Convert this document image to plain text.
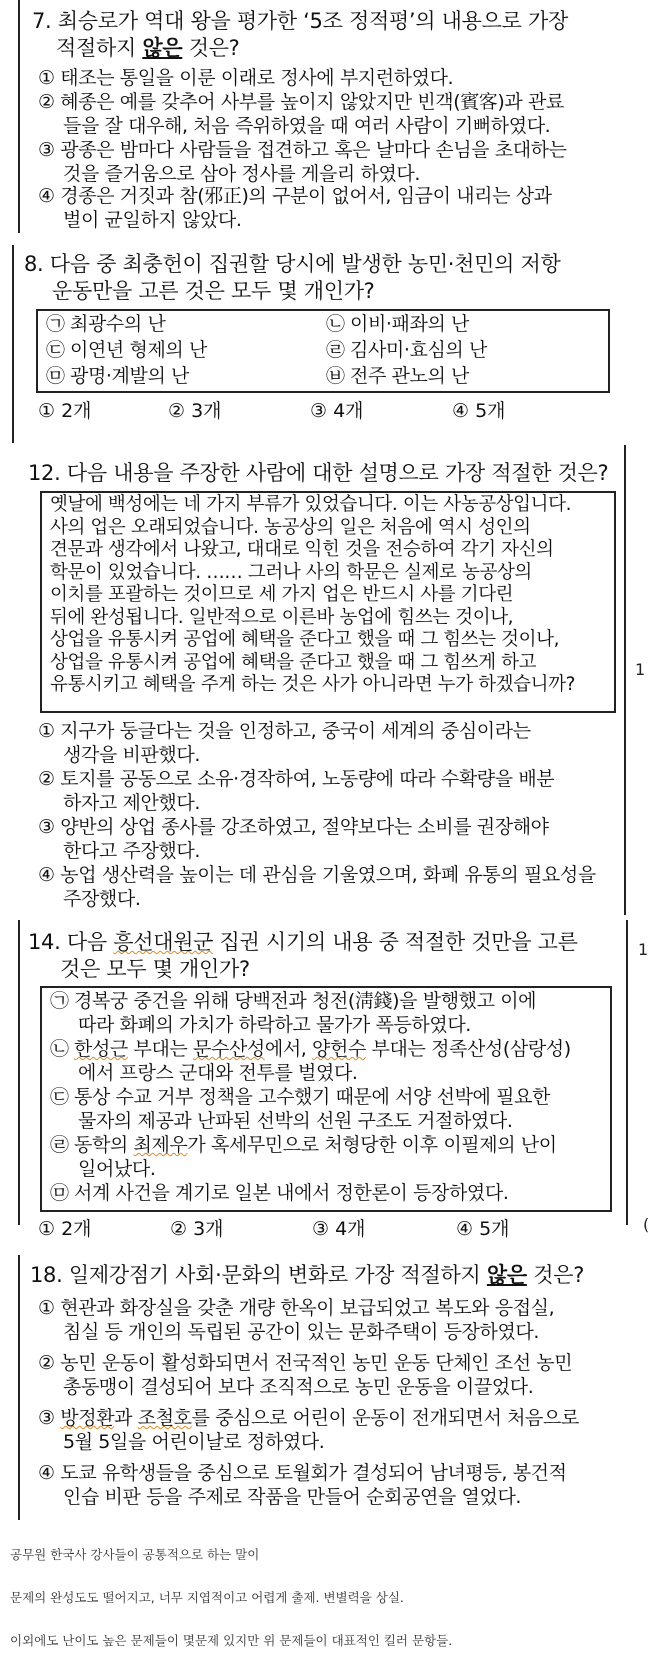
7. 최승로가 역대 왕을 평가한 ‘5조 정적평’의 내용으로 가장
적절하지 않은 것은?
① 태조는 통일을 이룬 이래로 정사에 부지런하였다.
② 혜종은 예를 갖추어 사부를 높이지 않았지만 빈객(賓客)과 관료
들을 잘 대우해, 처음 즉위하였을 때 여러 사람이 기뻐하였다.
③ 광종은 밤마다 사람들을 접견하고 혹은 날마다 손님을 초대하는
것을 즐거움으로 삼아 정사를 게을리 하였다.
④ 경종은 거짓과 참(邪正)의 구분이 없어서, 임금이 내리는 상과
벌이 균일하지 않았다.
8. 다음 중 최충헌이 집권할 당시에 발생한 농민·천민의 저항
운동만을 고른 것은 모두 몇 개인가?
㉠ 최광수의 난	㉡ 이비·패좌의 난
㉢ 이연년 형제의 난	㉣ 김사미·효심의 난
㉤ 광명·계발의 난	㉥ 전주 관노의 난
① 2개	② 3개	③ 4개	④ 5개
1
12. 다음 내용을 주장한 사람에 대한 설명으로 가장 적절한 것은?
옛날에 백성에는 네 가지 부류가 있었습니다. 이는 사농공상입니다.
사의 업은 오래되었습니다. 농공상의 일은 처음에 역시 성인의
견문과 생각에서 나왔고, 대대로 익힌 것을 전승하여 각기 자신의
학문이 있었습니다. …… 그러나 사의 학문은 실제로 농공상의
이치를 포괄하는 것이므로 세 가지 업은 반드시 사를 기다린
뒤에 완성됩니다. 일반적으로 이른바 농업에 힘쓰는 것이나,
상업을 유통시켜 공업에 혜택을 준다고 했을 때 그 힘쓰는 것이나,
상업을 유통시켜 공업에 혜택을 준다고 했을 때 그 힘쓰게 하고
유통시키고 혜택을 주게 하는 것은 사가 아니라면 누가 하겠습니까?
① 지구가 둥글다는 것을 인정하고, 중국이 세계의 중심이라는
생각을 비판했다.
② 토지를 공동으로 소유·경작하여, 노동량에 따라 수확량을 배분
하자고 제안했다.
③ 양반의 상업 종사를 강조하였고, 절약보다는 소비를 권장해야
한다고 주장했다.
④ 농업 생산력을 높이는 데 관심을 기울였으며, 화폐 유통의 필요성을
주장했다.
1
14. 다음 흥선대원군 집권 시기의 내용 중 적절한 것만을 고른
것은 모두 몇 개인가?
㉠ 경복궁 중건을 위해 당백전과 청전(淸錢)을 발행했고 이에
따라 화폐의 가치가 하락하고 물가가 폭등하였다.
㉡ 한성근 부대는 문수산성에서, 양헌수 부대는 정족산성(삼랑성)
에서 프랑스 군대와 전투를 벌였다.
㉢ 통상 수교 거부 정책을 고수했기 때문에 서양 선박에 필요한
물자의 제공과 난파된 선박의 선원 구조도 거절하였다.
㉣ 동학의 최제우가 혹세무민으로 처형당한 이후 이필제의 난이
일어났다.
㉤ 서계 사건을 계기로 일본 내에서 정한론이 등장하였다.
① 2개	② 3개	③ 4개	④ 5개	(
18. 일제강점기 사회·문화의 변화로 가장 적절하지 않은 것은?
① 현관과 화장실을 갖춘 개량 한옥이 보급되었고 복도와 응접실,
침실 등 개인의 독립된 공간이 있는 문화주택이 등장하였다.
② 농민 운동이 활성화되면서 전국적인 농민 운동 단체인 조선 농민
총동맹이 결성되어 보다 조직적으로 농민 운동을 이끌었다.
③ 방정환과 조철호를 중심으로 어린이 운동이 전개되면서 처음으로
5월 5일을 어린이날로 정하였다.
④ 도쿄 유학생들을 중심으로 토월회가 결성되어 남녀평등, 봉건적
인습 비판 등을 주제로 작품을 만들어 순회공연을 열었다.
공무원 한국사 강사들이 공통적으로 하는 말이
문제의 완성도도 떨어지고, 너무 지엽적이고 어렵게 출제. 변별력을 상실.
이외에도 난이도 높은 문제들이 몇문제 있지만 위 문제들이 대표적인 킬러 문항들.
